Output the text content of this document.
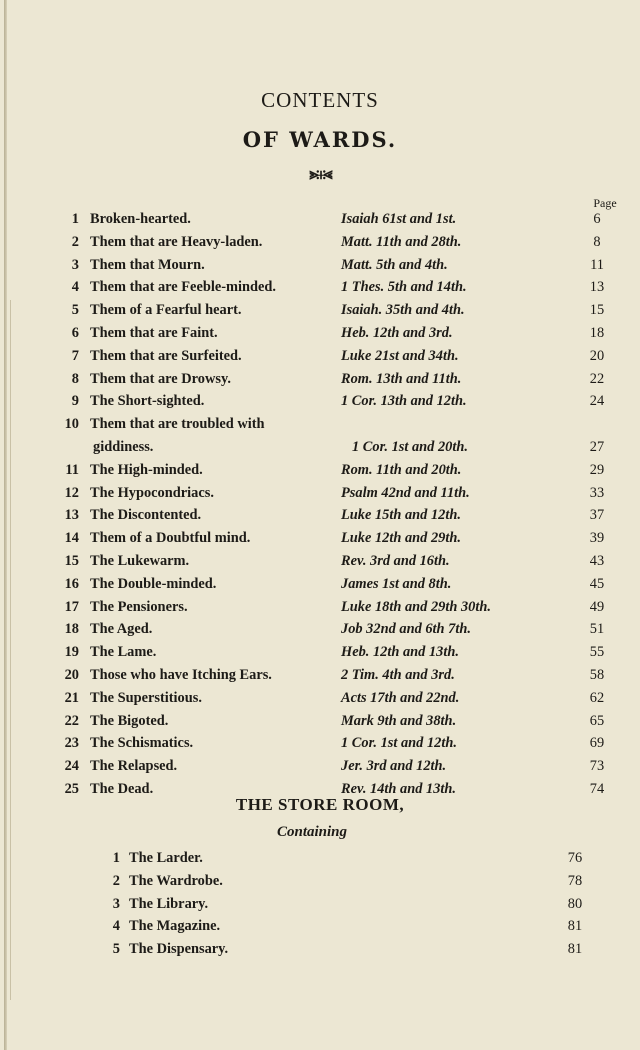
CONTENTS
OF WARDS.
⪢⁜⪡
Page
1 Broken-hearted.	Isaiah 61st and 1st.	6
2 Them that are Heavy-laden.	Matt. 11th and 28th.	8
3 Them that Mourn.	Matt. 5th and 4th.	11
4 Them that are Feeble-minded.	1 Thes. 5th and 14th.	13
5 Them of a Fearful heart.	Isaiah. 35th and 4th.	15
6 Them that are Faint.	Heb. 12th and 3rd.	18
7 Them that are Surfeited.	Luke 21st and 34th.	20
8 Them that are Drowsy.	Rom. 13th and 11th.	22
9 The Short-sighted.	1 Cor. 13th and 12th.	24
10 Them that are troubled with
giddiness.	1 Cor. 1st and 20th.	27
11 The High-minded.	Rom. 11th and 20th.	29
12 The Hypocondriacs.	Psalm 42nd and 11th.	33
13 The Discontented.	Luke 15th and 12th.	37
14 Them of a Doubtful mind.	Luke 12th and 29th.	39
15 The Lukewarm.	Rev. 3rd and 16th.	43
16 The Double-minded.	James 1st and 8th.	45
17 The Pensioners.	Luke 18th and 29th 30th.	49
18 The Aged.	Job 32nd and 6th 7th.	51
19 The Lame.	Heb. 12th and 13th.	55
20 Those who have Itching Ears.	2 Tim. 4th and 3rd.	58
21 The Superstitious.	Acts 17th and 22nd.	62
22 The Bigoted.	Mark 9th and 38th.	65
23 The Schismatics.	1 Cor. 1st and 12th.	69
24 The Relapsed.	Jer. 3rd and 12th.	73
25 The Dead.	Rev. 14th and 13th.	74
THE STORE ROOM,
Containing
1 The Larder.	76
2 The Wardrobe.	78
3 The Library.	80
4 The Magazine.	81
5 The Dispensary.	81
